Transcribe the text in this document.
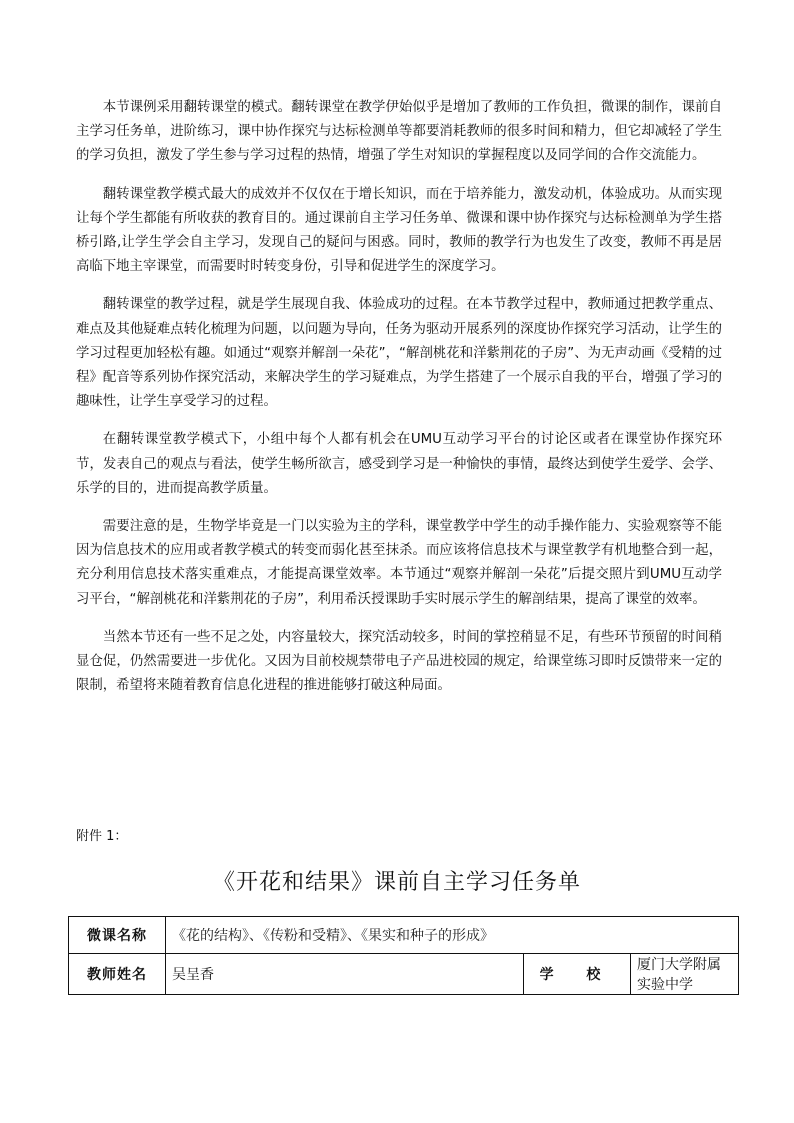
本节课例采用翻转课堂的模式。翻转课堂在教学伊始似乎是增加了教师的工作负担，微课的制作，课前自主学习任务单，进阶练习，课中协作探究与达标检测单等都要消耗教师的很多时间和精力，但它却减轻了学生的学习负担，激发了学生参与学习过程的热情，增强了学生对知识的掌握程度以及同学间的合作交流能力。

翻转课堂教学模式最大的成效并不仅仅在于增长知识，而在于培养能力，激发动机，体验成功。从而实现让每个学生都能有所收获的教育目的。通过课前自主学习任务单、微课和课中协作探究与达标检测单为学生搭桥引路,让学生学会自主学习，发现自己的疑问与困惑。同时，教师的教学行为也发生了改变，教师不再是居高临下地主宰课堂，而需要时时转变身份，引导和促进学生的深度学习。

翻转课堂的教学过程，就是学生展现自我、体验成功的过程。在本节教学过程中，教师通过把教学重点、难点及其他疑难点转化梳理为问题，以问题为导向，任务为驱动开展系列的深度协作探究学习活动，让学生的学习过程更加轻松有趣。如通过“观察并解剖一朵花”，“解剖桃花和洋紫荆花的子房”、为无声动画《受精的过程》配音等系列协作探究活动，来解决学生的学习疑难点，为学生搭建了一个展示自我的平台，增强了学习的趣味性，让学生享受学习的过程。

在翻转课堂教学模式下，小组中每个人都有机会在UMU互动学习平台的讨论区或者在课堂协作探究环节，发表自己的观点与看法，使学生畅所欲言，感受到学习是一种愉快的事情，最终达到使学生爱学、会学、乐学的目的，进而提高教学质量。

需要注意的是，生物学毕竟是一门以实验为主的学科，课堂教学中学生的动手操作能力、实验观察等不能因为信息技术的应用或者教学模式的转变而弱化甚至抹杀。而应该将信息技术与课堂教学有机地整合到一起，充分利用信息技术落实重难点，才能提高课堂效率。本节通过“观察并解剖一朵花”后提交照片到UMU互动学习平台，“解剖桃花和洋紫荆花的子房”，利用希沃授课助手实时展示学生的解剖结果，提高了课堂的效率。

当然本节还有一些不足之处，内容量较大，探究活动较多，时间的掌控稍显不足，有些环节预留的时间稍显仓促，仍然需要进一步优化。又因为目前校规禁带电子产品进校园的规定，给课堂练习即时反馈带来一定的限制，希望将来随着教育信息化进程的推进能够打破这种局面。

附件 1：
《开花和结果》课前自主学习任务单
微课名称	《花的结构》、《传粉和受精》、《果实和种子的形成》		
教师姓名	吴呈香	学 校	厦门大学附属实验中学
